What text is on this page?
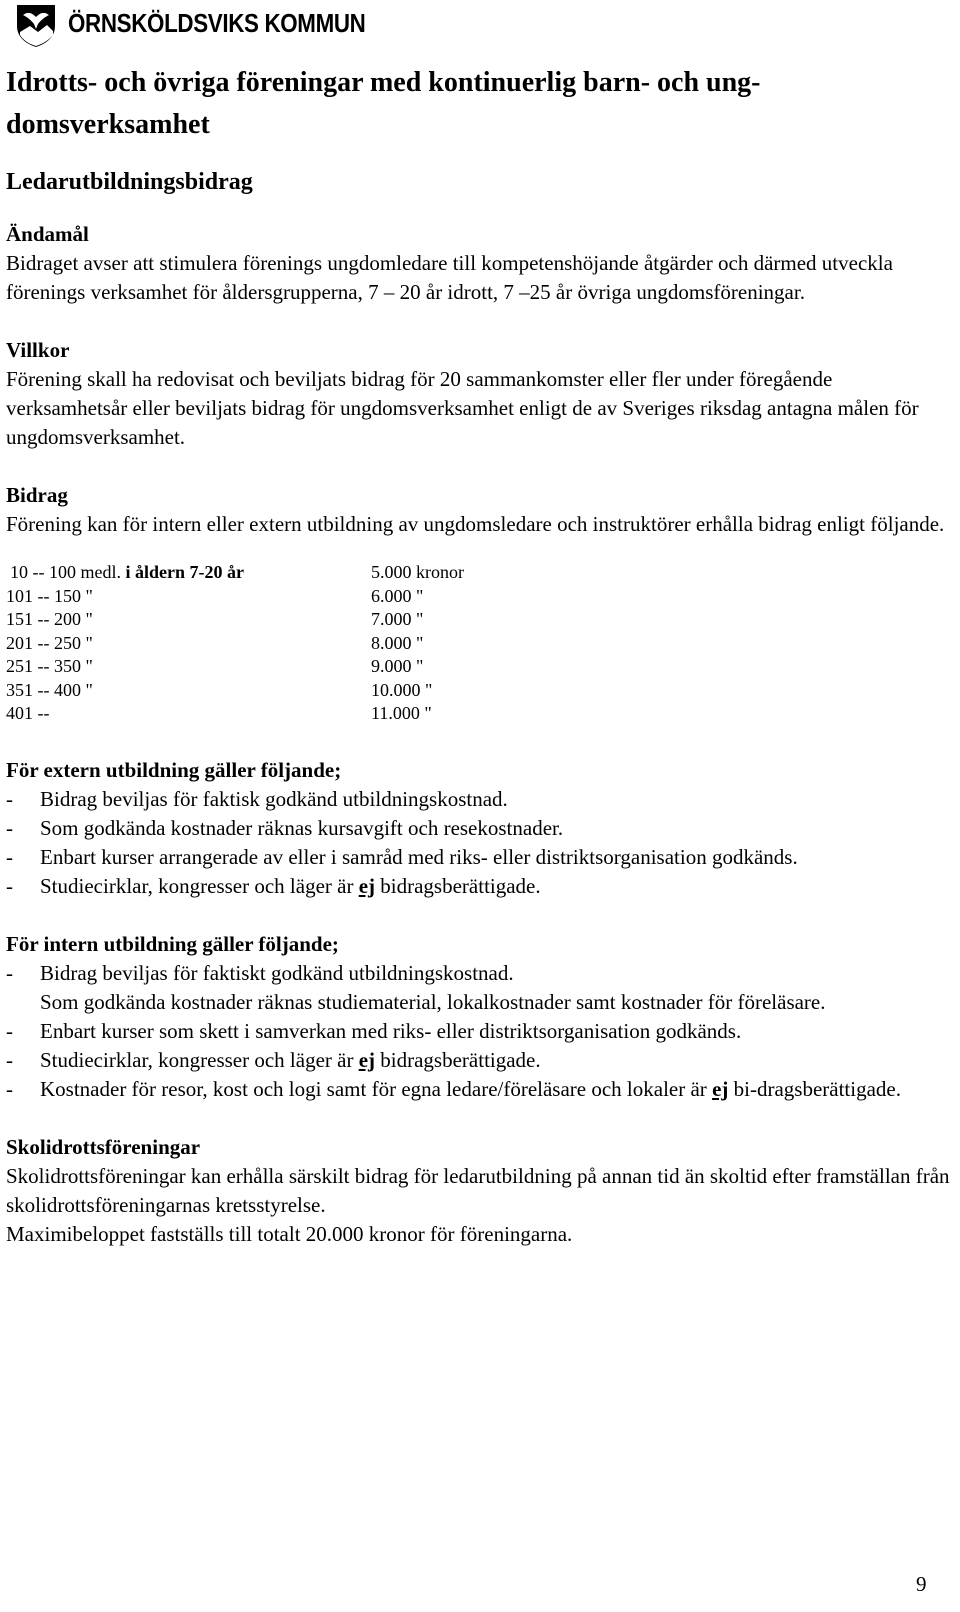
ÖRNSKÖLDSVIKS KOMMUN
Idrotts- och övriga föreningar med kontinuerlig barn- och ung-domsverksamhet
Ledarutbildningsbidrag
Ändamål

Bidraget avser att stimulera förenings ungdomledare till kompetenshöjande åtgärder och därmed utveckla förenings verksamhet för åldersgrupperna, 7 – 20 år idrott, 7 –25 år övriga ungdomsföreningar.

Villkor

Förening skall ha redovisat och beviljats bidrag för 20 sammankomster eller fler under föregående verksamhetsår eller beviljats bidrag för ungdomsverksamhet enligt de av Sveriges riksdag antagna målen för ungdomsverksamhet.

Bidrag

Förening kan för intern eller extern utbildning av ungdomsledare och instruktörer erhålla bidrag enligt följande.

10 -- 100 medl. i åldern 7-20 år	5.000 kronor
101 -- 150 "	6.000 "
151 -- 200 "	7.000 "
201 -- 250 "	8.000 "
251 -- 350 "	9.000 "
351 -- 400 "	10.000 "
401 --	11.000 "
För extern utbildning gäller följande;
- Bidrag beviljas för faktisk godkänd utbildningskostnad.
- Som godkända kostnader räknas kursavgift och resekostnader.
- Enbart kurser arrangerade av eller i samråd med riks- eller distriktsorganisation godkänds.
- Studiecirklar, kongresser och läger är ej bidragsberättigade.
För intern utbildning gäller följande;
- Bidrag beviljas för faktiskt godkänd utbildningskostnad.
Som godkända kostnader räknas studiematerial, lokalkostnader samt kostnader för föreläsare.
- Enbart kurser som skett i samverkan med riks- eller distriktsorganisation godkänds.
- Studiecirklar, kongresser och läger är ej bidragsberättigade.
- Kostnader för resor, kost och logi samt för egna ledare/föreläsare och lokaler är ej bi-dragsberättigade.
Skolidrottsföreningar

Skolidrottsföreningar kan erhålla särskilt bidrag för ledarutbildning på annan tid än skoltid efter framställan från skolidrottsföreningarnas kretsstyrelse.

Maximibeloppet fastställs till totalt 20.000 kronor för föreningarna.

9
